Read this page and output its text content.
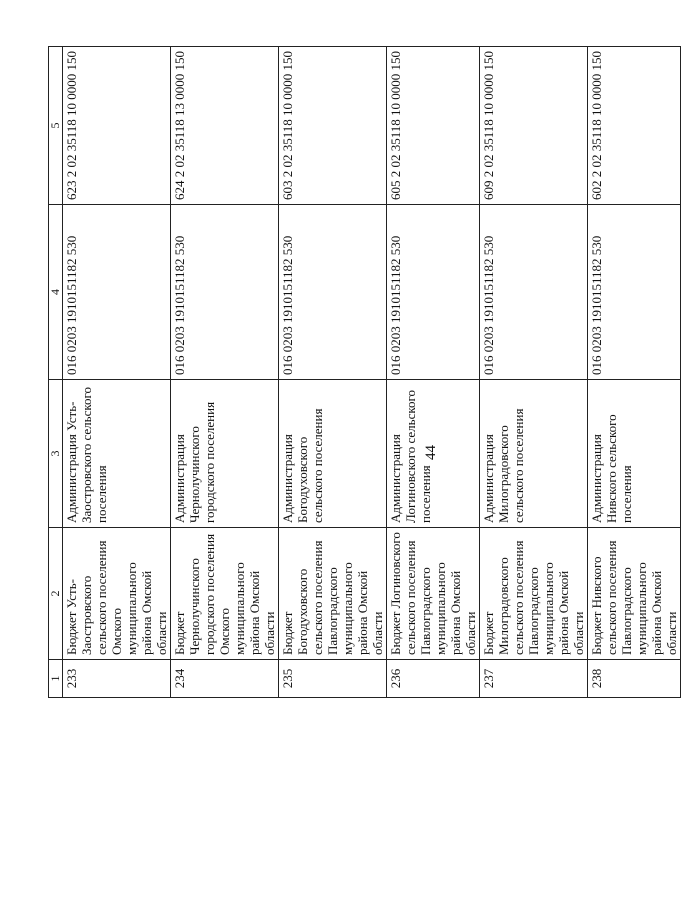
44
1	2	3	4	5
233	Бюджет Усть-Заостровского сельского поселения Омского муниципального района Омской области	Администрация Усть-Заостровского сельского поселения	016 0203 1910151182 530	623 2 02 35118 10 0000 150
234	Бюджет Чернолучинского городского поселения Омского муниципального района Омской области	Администрация Чернолучинского городского поселения	016 0203 1910151182 530	624 2 02 35118 13 0000 150
235	Бюджет Богодуховского сельского поселения Павлоградского муниципального района Омской области	Администрация Богодуховского сельского поселения	016 0203 1910151182 530	603 2 02 35118 10 0000 150
236	Бюджет Логиновского сельского поселения Павлоградского муниципального района Омской области	Администрация Логиновского сельского поселения	016 0203 1910151182 530	605 2 02 35118 10 0000 150
237	Бюджет Милоградовского сельского поселения Павлоградского муниципального района Омской области	Администрация Милоградовского сельского поселения	016 0203 1910151182 530	609 2 02 35118 10 0000 150
238	Бюджет Нивского сельского поселения Павлоградского муниципального района Омской области	Администрация Нивского сельского поселения	016 0203 1910151182 530	602 2 02 35118 10 0000 150
